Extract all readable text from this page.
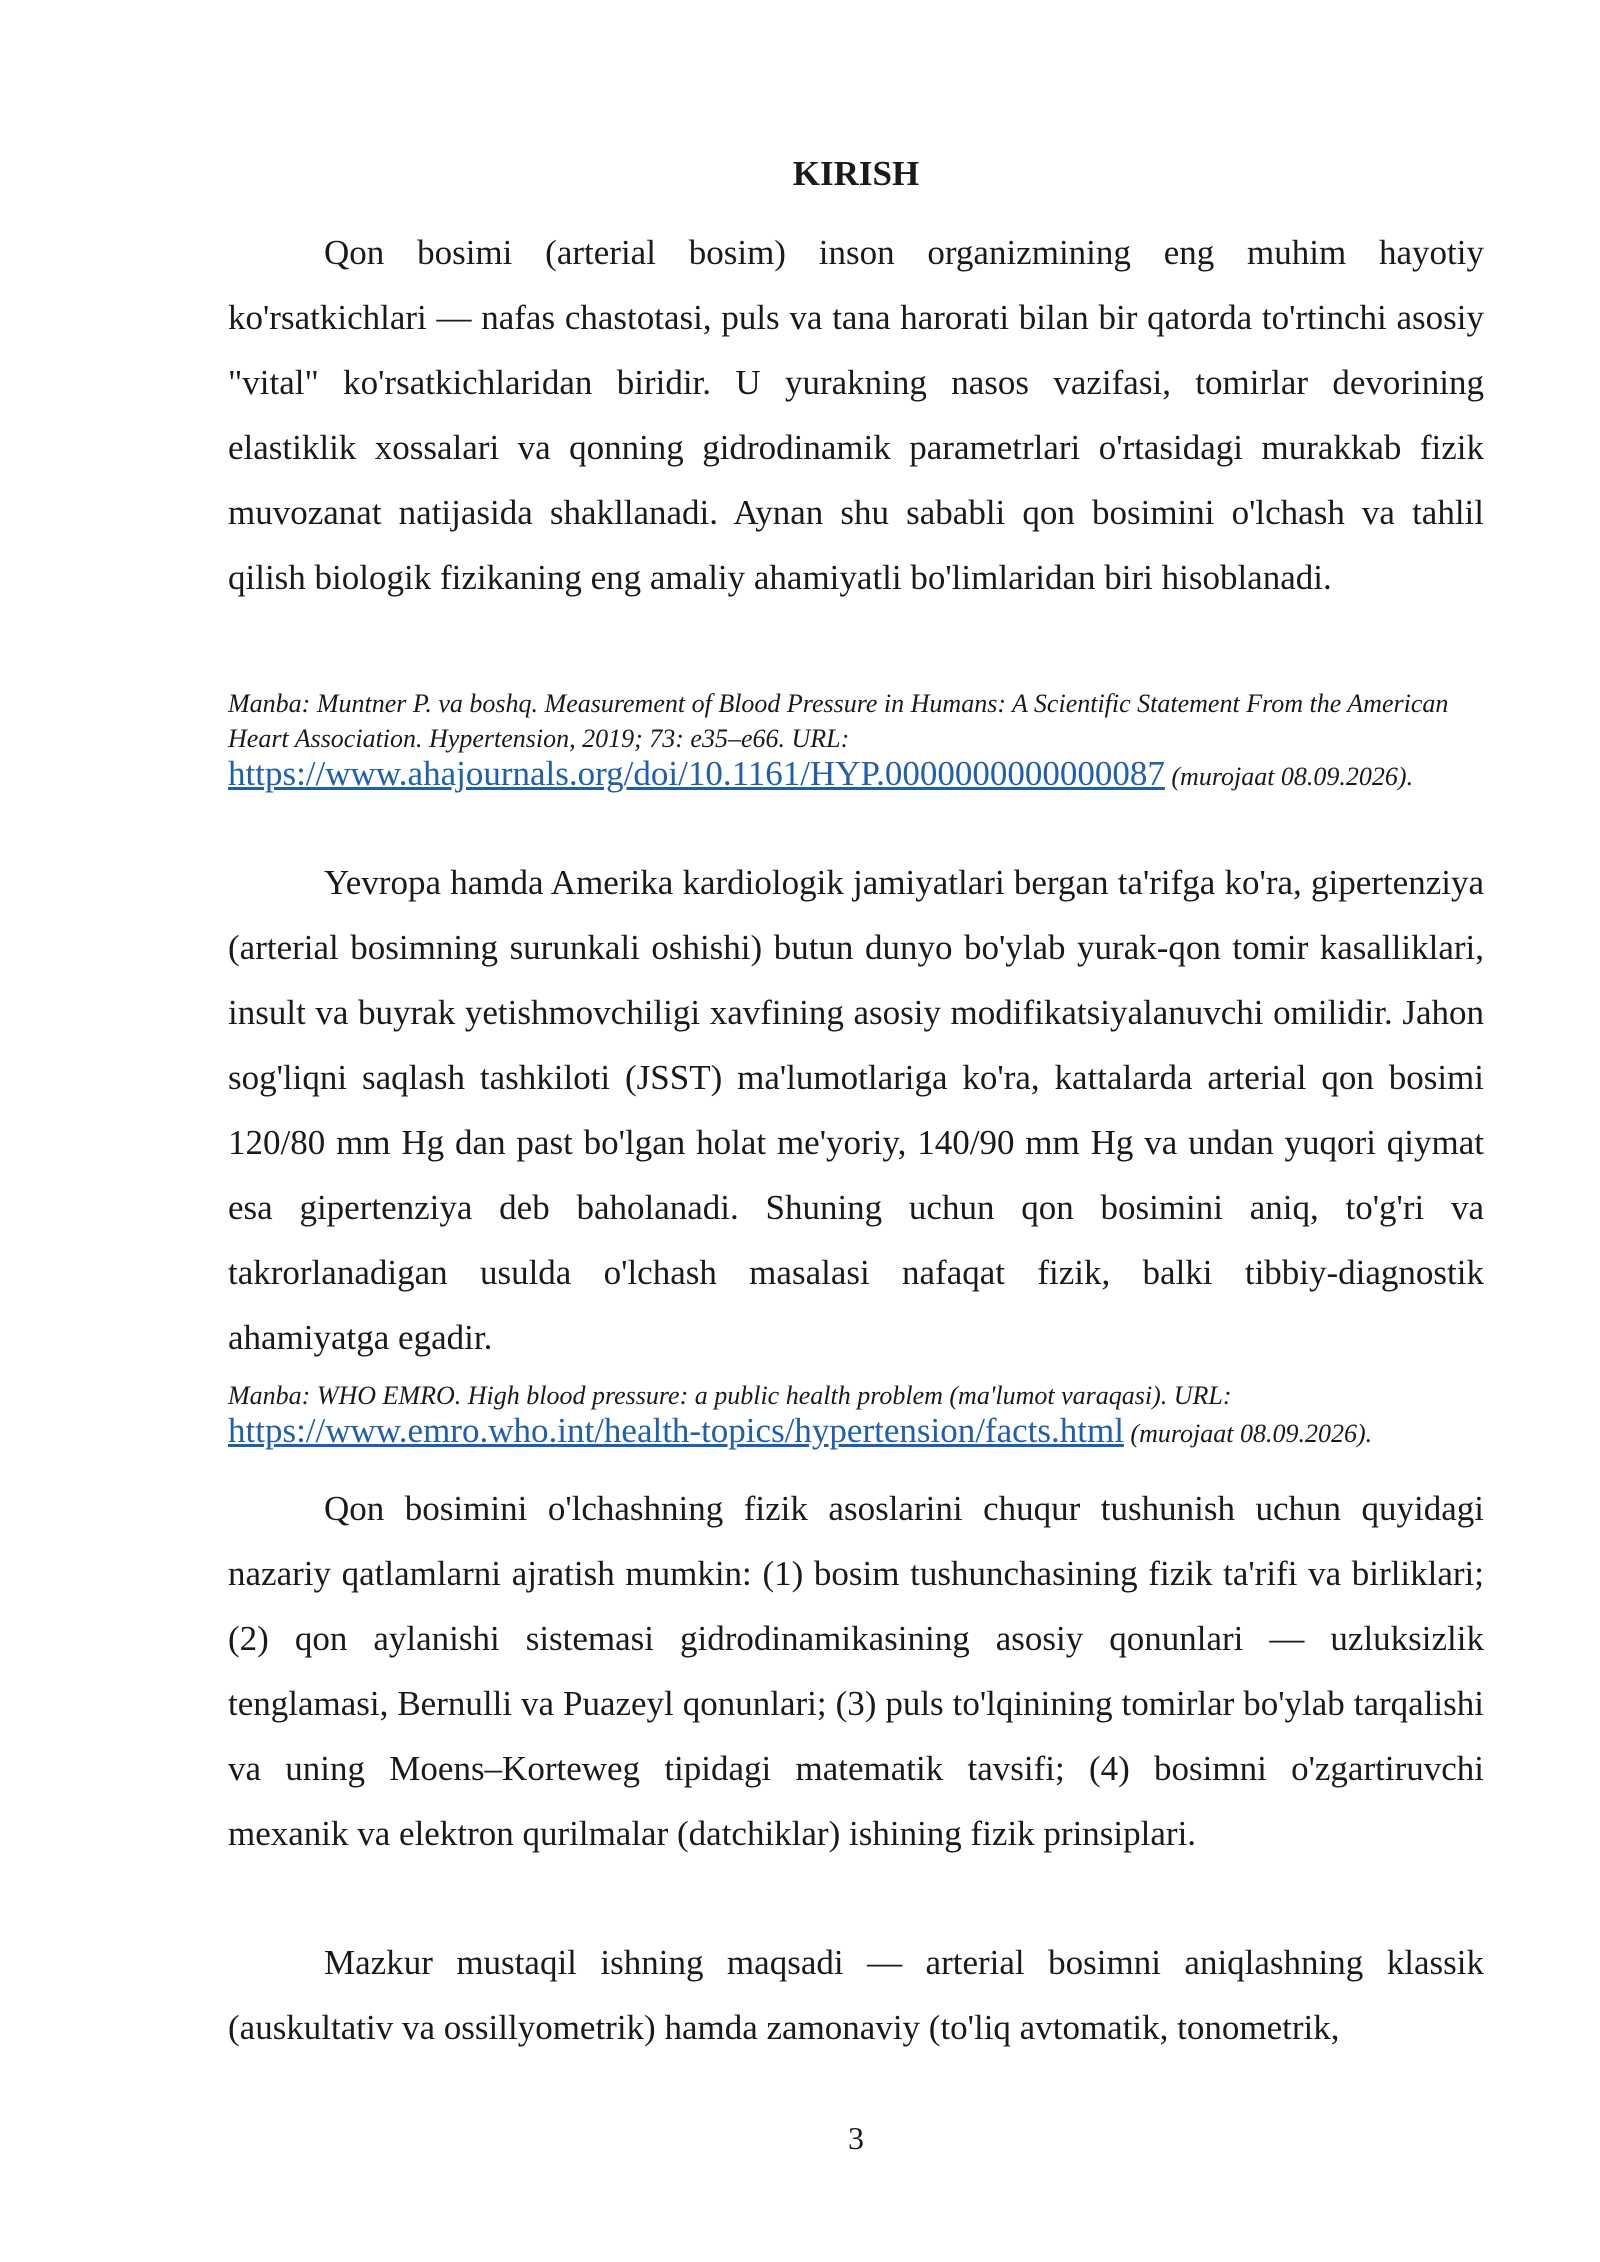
KIRISH

Qon bosimi (arterial bosim) inson organizmining eng muhim hayotiy ko'rsatkichlari — nafas chastotasi, puls va tana harorati bilan bir qatorda to'rtinchi asosiy "vital" ko'rsatkichlaridan biridir. U yurakning nasos vazifasi, tomirlar devorining elastiklik xossalari va qonning gidrodinamik parametrlari o'rtasidagi murakkab fizik muvozanat natijasida shakllanadi. Aynan shu sababli qon bosimini o'lchash va tahlil qilish biologik fizikaning eng amaliy ahamiyatli bo'limlaridan biri hisoblanadi.

Manba: Muntner P. va boshq. Measurement of Blood Pressure in Humans: A Scientific Statement From the American Heart Association. Hypertension, 2019; 73: e35–e66. URL: https://www.ahajournals.org/doi/10.1161/HYP.0000000000000087 (murojaat 08.09.2026).

Yevropa hamda Amerika kardiologik jamiyatlari bergan ta'rifga ko'ra, gipertenziya (arterial bosimning surunkali oshishi) butun dunyo bo'ylab yurak-qon tomir kasalliklari, insult va buyrak yetishmovchiligi xavfining asosiy modifikatsiyalanuvchi omilidir. Jahon sog'liqni saqlash tashkiloti (JSST) ma'lumotlariga ko'ra, kattalarda arterial qon bosimi 120/80 mm Hg dan past bo'lgan holat me'yoriy, 140/90 mm Hg va undan yuqori qiymat esa gipertenziya deb baholanadi. Shuning uchun qon bosimini aniq, to'g'ri va takrorlanadigan usulda o'lchash masalasi nafaqat fizik, balki tibbiy-diagnostik ahamiyatga egadir.

Manba: WHO EMRO. High blood pressure: a public health problem (ma'lumot varaqasi). URL: https://www.emro.who.int/health-topics/hypertension/facts.html (murojaat 08.09.2026).

Qon bosimini o'lchashning fizik asoslarini chuqur tushunish uchun quyidagi nazariy qatlamlarni ajratish mumkin: (1) bosim tushunchasining fizik ta'rifi va birliklari; (2) qon aylanishi sistemasi gidrodinamikasining asosiy qonunlari — uzluksizlik tenglamasi, Bernulli va Puazeyl qonunlari; (3) puls to'lqinining tomirlar bo'ylab tarqalishi va uning Moens–Korteweg tipidagi matematik tavsifi; (4) bosimni o'zgartiruvchi mexanik va elektron qurilmalar (datchiklar) ishining fizik prinsiplari.

Mazkur mustaqil ishning maqsadi — arterial bosimni aniqlashning klassik (auskultativ va ossillyometrik) hamda zamonaviy (to'liq avtomatik, tonometrik,

3
